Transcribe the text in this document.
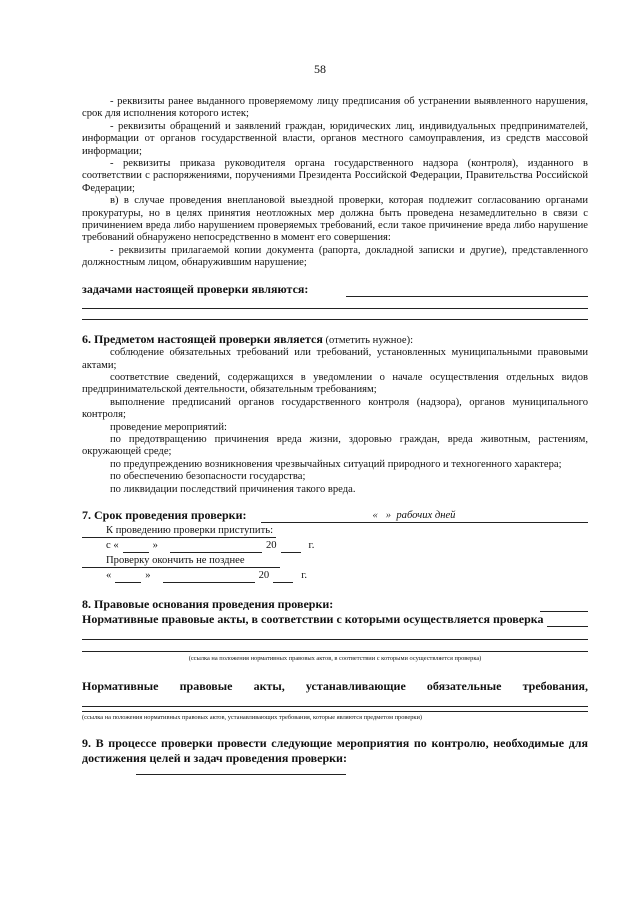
58

- реквизиты ранее выданного проверяемому лицу предписания об устранении выявленного нарушения, срок для исполнения которого истек;

- реквизиты обращений и заявлений граждан, юридических лиц, индивидуальных предпринимателей, информации от органов государственной власти, органов местного самоуправления, из средств массовой информации;

- реквизиты приказа руководителя органа государственного надзора (контроля), изданного в соответствии с распоряжениями, поручениями Президента Российской Федерации, Правительства Российской Федерации;

в) в случае проведения внеплановой выездной проверки, которая подлежит согласованию органами прокуратуры, но в целях принятия неотложных мер должна быть проведена незамедлительно в связи с причинением вреда либо нарушением проверяемых требований, если такое причинение вреда либо нарушение требований обнаружено непосредственно в момент его совершения:

- реквизиты прилагаемой копии документа (рапорта, докладной записки и другие), представленного должностным лицом, обнаружившим нарушение;

задачами настоящей проверки являются:

6. Предметом настоящей проверки является (отметить нужное):

соблюдение обязательных требований или требований, установленных муниципальными правовыми актами;

соответствие сведений, содержащихся в уведомлении о начале осуществления отдельных видов предпринимательской деятельности, обязательным требованиям;

выполнение предписаний органов государственного контроля (надзора), органов муниципального контроля;

проведение мероприятий:

по предотвращению причинения вреда жизни, здоровью граждан, вреда животным, растениям, окружающей среде;

по предупреждению возникновения чрезвычайных ситуаций природного и техногенного характера;

по обеспечению безопасности государства;

по ликвидации последствий причинения такого вреда.

7. Срок проведения проверки:	«   »  рабочих дней
К проведению проверки приступить:
с «	»	20	г.
Проверку окончить не позднее
«	»	20	г.
8. Правовые основания проведения проверки:
Нормативные правовые акты, в соответствии с которыми осуществляется проверка
(ссылка на положения нормативных правовых актов, в соответствии с которыми осуществляется проверка)

Нормативные правовые акты, устанавливающие обязательные требования,

(ссылка на положения нормативных правовых актов, устанавливающих требования, которые являются предметом проверки)

9. В процессе проверки провести следующие мероприятия по контролю, необходимые для достижения целей и задач проведения проверки:
